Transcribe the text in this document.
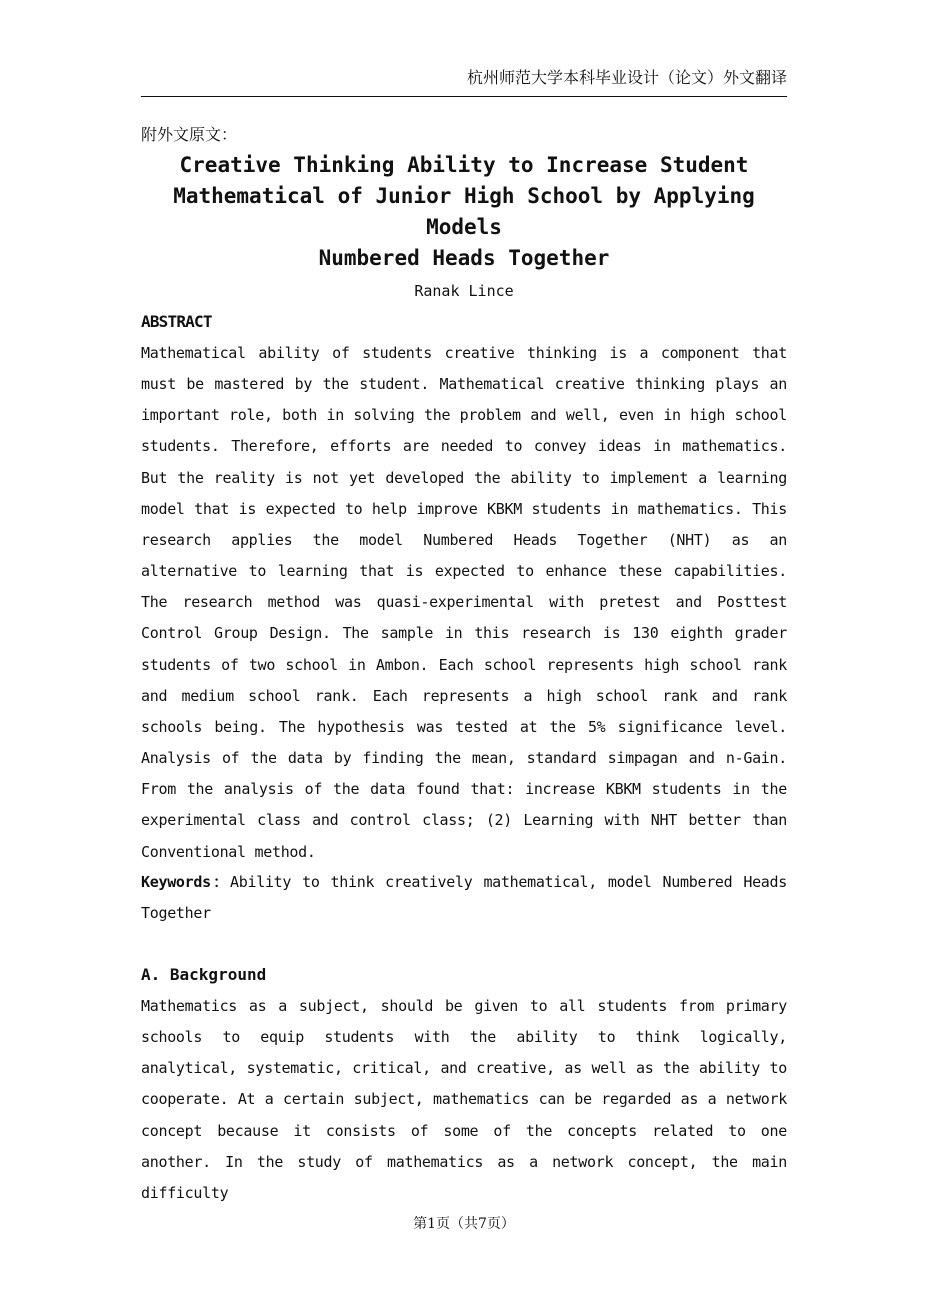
杭州师范大学本科毕业设计（论文）外文翻译
附外文原文：
Creative Thinking Ability to Increase Student
Mathematical of Junior High School by Applying Models
Numbered Heads Together
Ranak Lince
ABSTRACT

Mathematical ability of students creative thinking is a component that must be mastered by the student. Mathematical creative thinking plays an important role, both in solving the problem and well, even in high school students. Therefore, efforts are needed to convey ideas in mathematics. But the reality is not yet developed the ability to implement a learning model that is expected to help improve KBKM students in mathematics. This research applies the model Numbered Heads Together (NHT) as an alternative to learning that is expected to enhance these capabilities. The research method was quasi-experimental with pretest and Posttest Control Group Design. The sample in this research is 130 eighth grader students of two school in Ambon. Each school represents high school rank and medium school rank. Each represents a high school rank and rank schools being. The hypothesis was tested at the 5% significance level. Analysis of the data by finding the mean, standard simpagan and n-Gain. From the analysis of the data found that: increase KBKM students in the experimental class and control class; (2) Learning with NHT better than Conventional method.

Keywords：Ability to think creatively mathematical, model Numbered Heads Together

A. Background

Mathematics as a subject, should be given to all students from primary schools to equip students with the ability to think logically, analytical, systematic, critical, and creative, as well as the ability to cooperate. At a certain subject, mathematics can be regarded as a network concept because it consists of some of the concepts related to one another. In the study of mathematics as a network concept, the main difficulty

第1页（共7页）
